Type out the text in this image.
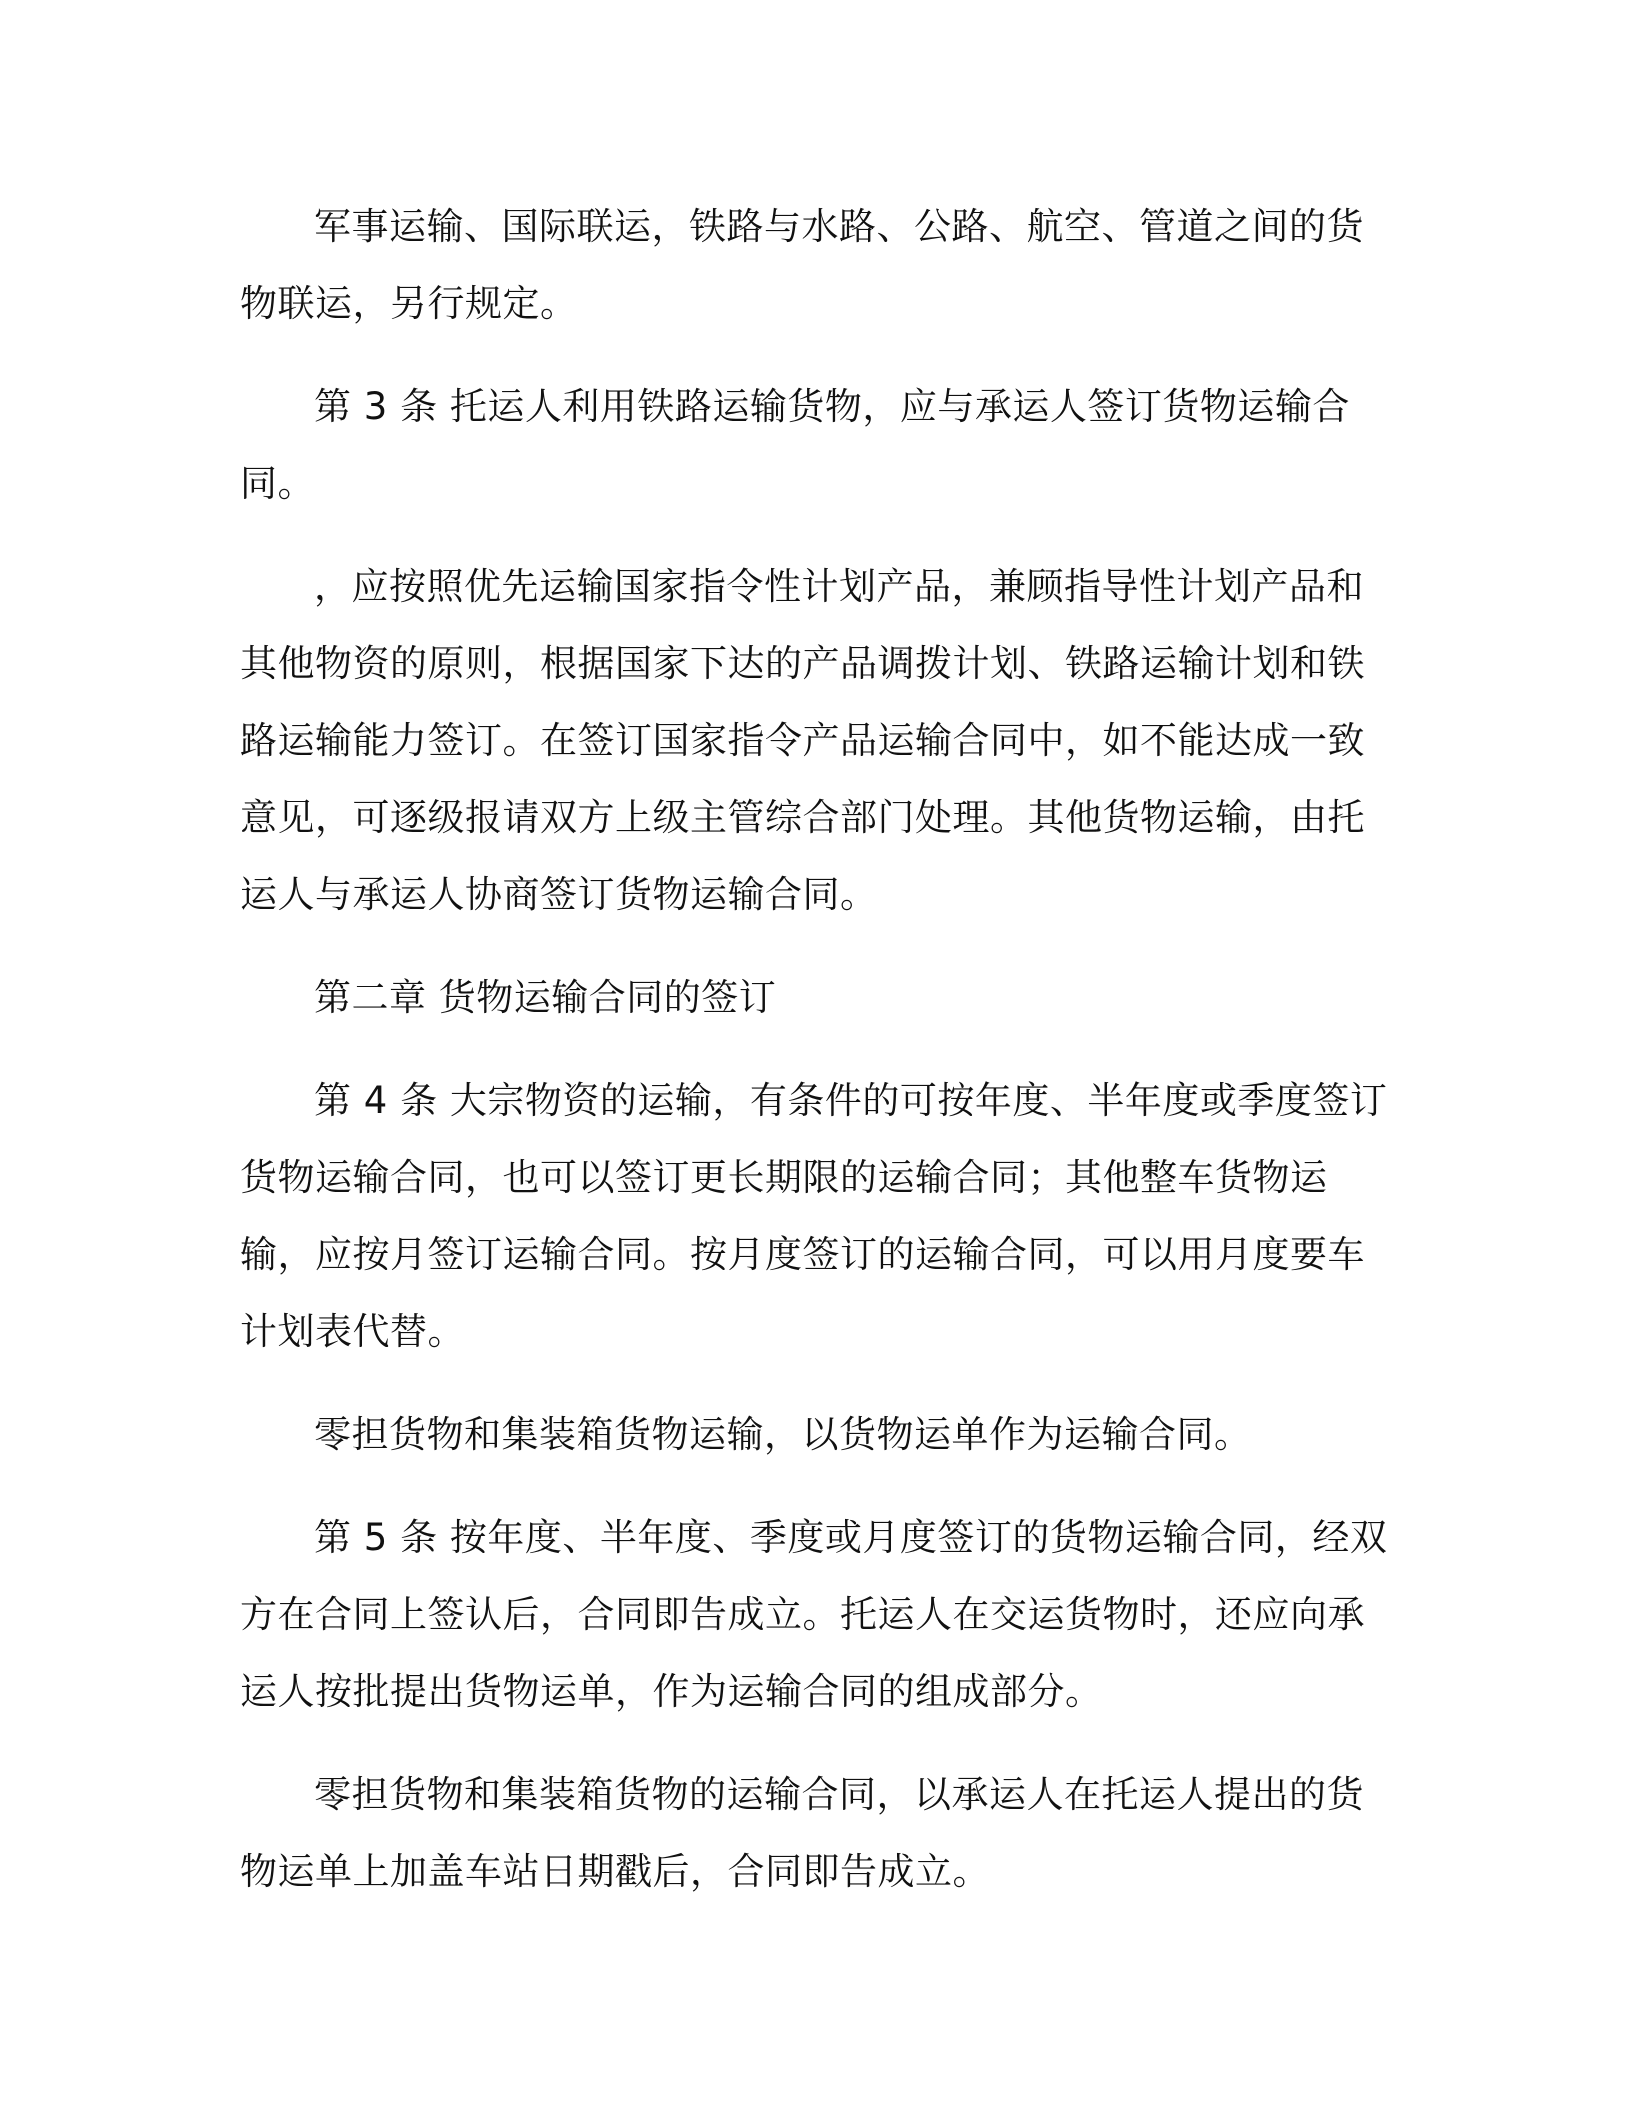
军事运输、国际联运，铁路与水路、公路、航空、管道之间的货物联运，另行规定。

第 3 条 托运人利用铁路运输货物，应与承运人签订货物运输合同。

，应按照优先运输国家指令性计划产品，兼顾指导性计划产品和其他物资的原则，根据国家下达的产品调拨计划、铁路运输计划和铁路运输能力签订。在签订国家指令产品运输合同中，如不能达成一致意见，可逐级报请双方上级主管综合部门处理。其他货物运输，由托运人与承运人协商签订货物运输合同。

第二章 货物运输合同的签订

第 4 条 大宗物资的运输，有条件的可按年度、半年度或季度签订货物运输合同，也可以签订更长期限的运输合同；其他整车货物运输，应按月签订运输合同。按月度签订的运输合同，可以用月度要车计划表代替。

零担货物和集装箱货物运输，以货物运单作为运输合同。

第 5 条 按年度、半年度、季度或月度签订的货物运输合同，经双方在合同上签认后，合同即告成立。托运人在交运货物时，还应向承运人按批提出货物运单，作为运输合同的组成部分。

零担货物和集装箱货物的运输合同，以承运人在托运人提出的货物运单上加盖车站日期戳后，合同即告成立。
